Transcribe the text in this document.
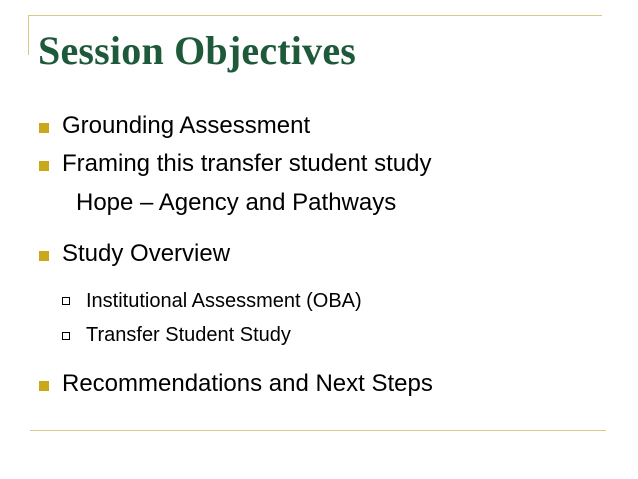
Session Objectives
Grounding Assessment
Framing this transfer student study
Hope – Agency and Pathways
Study Overview
Institutional Assessment (OBA)
Transfer Student Study
Recommendations and Next Steps
